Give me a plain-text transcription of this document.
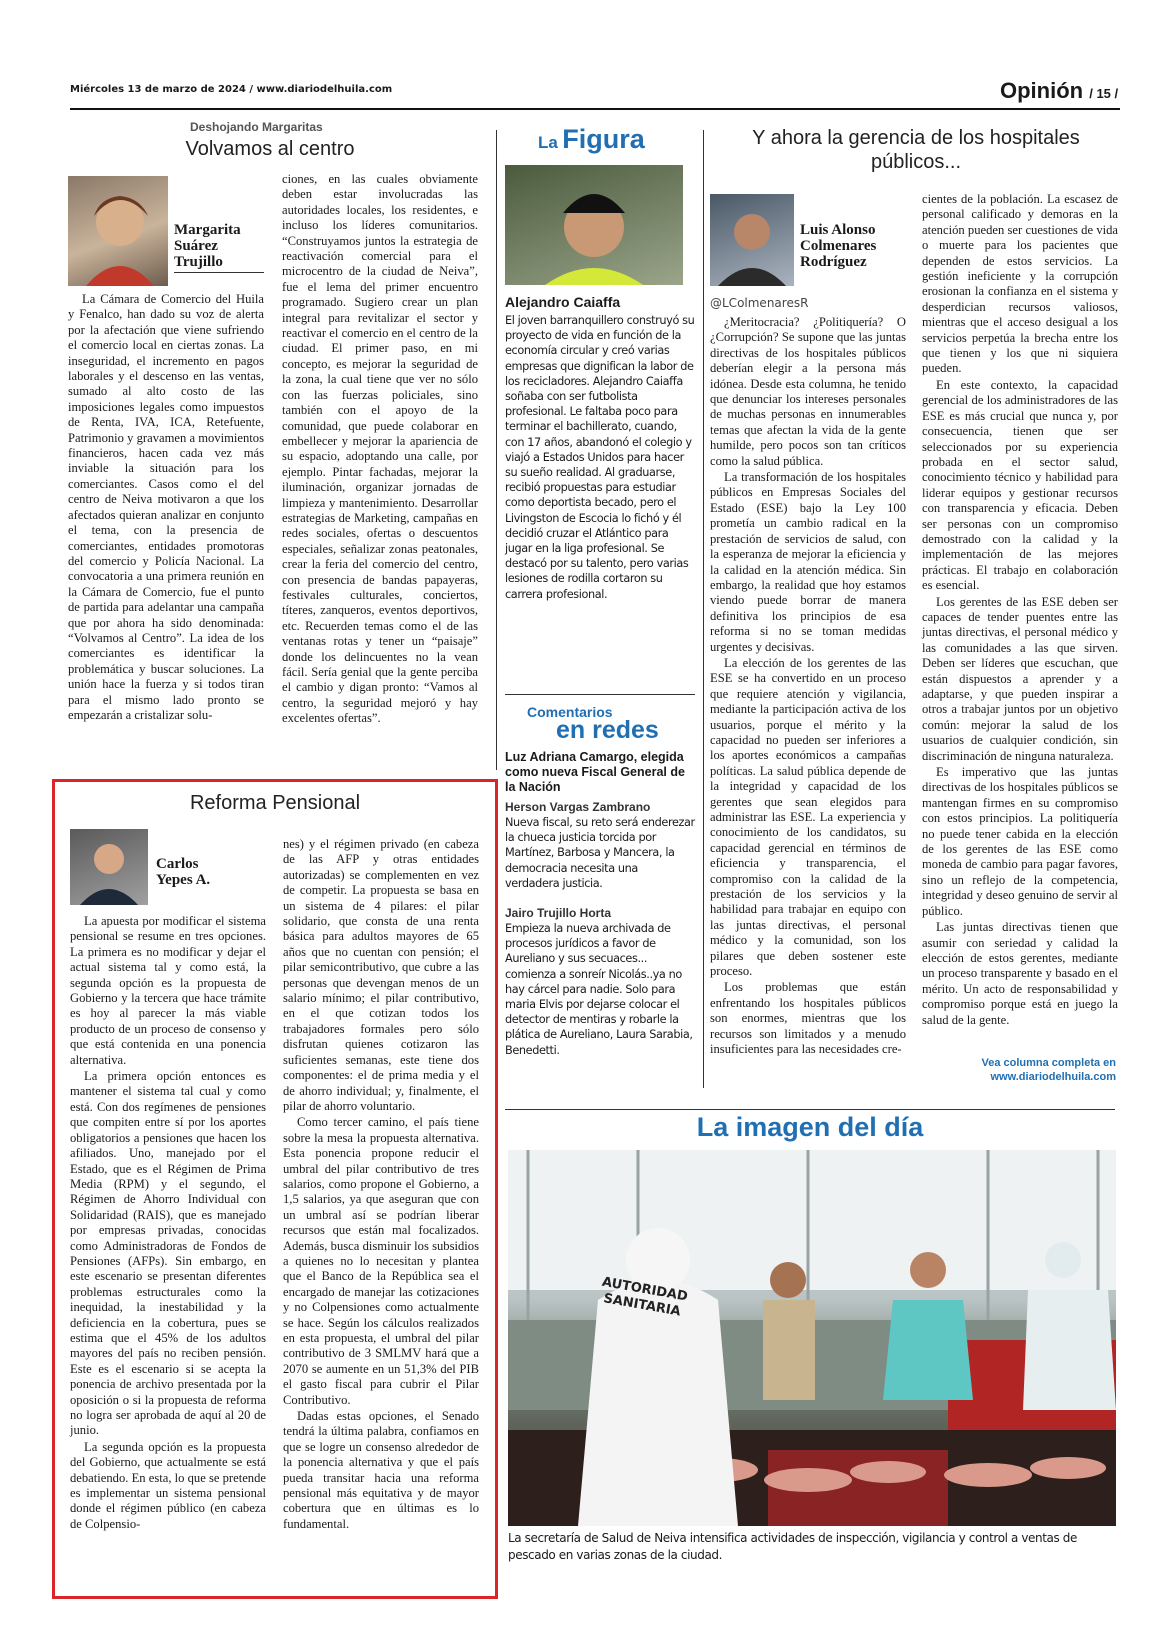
Miércoles 13 de marzo de 2024 / www.diariodelhuila.com	Opinión / 15 /
Deshojando Margaritas
Volvamos al centro
Margarita
Suárez
Trujillo

La Cámara de Comercio del Huila y Fenalco, han dado su voz de alerta por la afectación que viene sufriendo el comercio local en ciertas zonas. La inseguridad, el incremento en pagos laborales y el descenso en las ventas, sumado al alto costo de las imposiciones legales como impuestos de Renta, IVA, ICA, Retefuente, Patrimonio y gravamen a movimientos financieros, hacen cada vez más inviable la situación para los comerciantes. Casos como el del centro de Neiva motivaron a que los afectados quieran analizar en conjunto el tema, con la presencia de comerciantes, entidades promotoras del comercio y Policía Nacional. La convocatoria a una primera reunión en la Cámara de Comercio, fue el punto de partida para adelantar una campaña que por ahora ha sido denominada: “Volvamos al Centro”. La idea de los comerciantes es identificar la problemática y buscar soluciones. La unión hace la fuerza y si todos tiran para el mismo lado pronto se empezarán a cristalizar solu-

ciones, en las cuales obviamente deben estar involucradas las autoridades locales, los residentes, e incluso los líderes comunitarios. “Construyamos juntos la estrategia de reactivación comercial para el microcentro de la ciudad de Neiva”, fue el lema del primer encuentro programado. Sugiero crear un plan integral para revitalizar el sector y reactivar el comercio en el centro de la ciudad. El primer paso, en mi concepto, es mejorar la seguridad de la zona, la cual tiene que ver no sólo con las fuerzas policiales, sino también con el apoyo de la comunidad, que puede colaborar en embellecer y mejorar la apariencia de su espacio, adoptando una calle, por ejemplo. Pintar fachadas, mejorar la iluminación, organizar jornadas de limpieza y mantenimiento. Desarrollar estrategias de Marketing, campañas en redes sociales, ofertas o descuentos especiales, señalizar zonas peatonales, crear la feria del comercio del centro, con presencia de bandas papayeras, festivales culturales, conciertos, títeres, zanqueros, eventos deportivos, etc. Recuerden temas como el de las ventanas rotas y tener un “paisaje” donde los delincuentes no la vean fácil. Sería genial que la gente perciba el cambio y digan pronto: “Vamos al centro, la seguridad mejoró y hay excelentes ofertas”.

Reforma Pensional
Carlos
Yepes A.

La apuesta por modificar el sistema pensional se resume en tres opciones. La primera es no modificar y dejar el actual sistema tal y como está, la segunda opción es la propuesta de Gobierno y la tercera que hace trámite es hoy al parecer la más viable producto de un proceso de consenso y que está contenida en una ponencia alternativa.

La primera opción entonces es mantener el sistema tal cual y como está. Con dos regímenes de pensiones que compiten entre sí por los aportes obligatorios a pensiones que hacen los afiliados. Uno, manejado por el Estado, que es el Régimen de Prima Media (RPM) y el segundo, el Régimen de Ahorro Individual con Solidaridad (RAIS), que es manejado por empresas privadas, conocidas como Administradoras de Fondos de Pensiones (AFPs). Sin embargo, en este escenario se presentan diferentes problemas estructurales como la inequidad, la inestabilidad y la deficiencia en la cobertura, pues se estima que el 45% de los adultos mayores del país no reciben pensión. Este es el escenario si se acepta la ponencia de archivo presentada por la oposición o si la propuesta de reforma no logra ser aprobada de aquí al 20 de junio.

La segunda opción es la propuesta del Gobierno, que actualmente se está debatiendo. En esta, lo que se pretende es implementar un sistema pensional donde el régimen público (en cabeza de Colpensio-

nes) y el régimen privado (en cabeza de las AFP y otras entidades autorizadas) se complementen en vez de competir. La propuesta se basa en un sistema de 4 pilares: el pilar solidario, que consta de una renta básica para adultos mayores de 65 años que no cuentan con pensión; el pilar semicontributivo, que cubre a las personas que devengan menos de un salario mínimo; el pilar contributivo, en el que cotizan todos los trabajadores formales pero sólo disfrutan quienes cotizaron las suficientes semanas, este tiene dos componentes: el de prima media y el de ahorro individual; y, finalmente, el pilar de ahorro voluntario.

Como tercer camino, el país tiene sobre la mesa la propuesta alternativa. Esta ponencia propone reducir el umbral del pilar contributivo de tres salarios, como propone el Gobierno, a 1,5 salarios, ya que aseguran que con un umbral así se podrían liberar recursos que están mal focalizados. Además, busca disminuir los subsidios a quienes no lo necesitan y plantea que el Banco de la República sea el encargado de manejar las cotizaciones y no Colpensiones como actualmente se hace. Según los cálculos realizados en esta propuesta, el umbral del pilar contributivo de 3 SMLMV hará que a 2070 se aumente en un 51,3% del PIB el gasto fiscal para cubrir el Pilar Contributivo.

Dadas estas opciones, el Senado tendrá la última palabra, confiamos en que se logre un consenso alrededor de la ponencia alternativa y que el país pueda transitar hacia una reforma pensional más equitativa y de mayor cobertura que en últimas es lo fundamental.

La Figura
Alejandro Caiaffa

El joven barranquillero construyó su proyecto de vida en función de la economía circular y creó varias empresas que dignifican la labor de los recicladores. Alejandro Caiaffa soñaba con ser futbolista profesional. Le faltaba poco para terminar el bachillerato, cuando, con 17 años, abandonó el colegio y viajó a Estados Unidos para hacer su sueño realidad. Al graduarse, recibió propuestas para estudiar como deportista becado, pero el Livingston de Escocia lo fichó y él decidió cruzar el Atlántico para jugar en la liga profesional. Se destacó por su talento, pero varias lesiones de rodilla cortaron su carrera profesional.

Comentarios
en redes
Luz Adriana Camargo, elegida como nueva Fiscal General de la Nación
Herson Vargas Zambrano

Nueva fiscal, su reto será enderezar la chueca justicia torcida por Martínez, Barbosa y Mancera, la democracia necesita una verdadera justicia.

Jairo Trujillo Horta

Empieza la nueva archivada de procesos jurídicos a favor de Aureliano y sus secuaces... comienza a sonreír Nicolás..ya no hay cárcel para nadie. Solo para maria Elvis por dejarse colocar el detector de mentiras y robarle la plática de Aureliano, Laura Sarabia, Benedetti.

Y ahora la gerencia de los hospitales públicos...
Luis Alonso
Colmenares
Rodríguez
@LColmenaresR

¿Meritocracia? ¿Politiquería? O ¿Corrupción? Se supone que las juntas directivas de los hospitales públicos deberían elegir a la persona más idónea. Desde esta columna, he tenido que denunciar los intereses personales de muchas personas en innumerables temas que afectan la vida de la gente humilde, pero pocos son tan críticos como la salud pública.

La transformación de los hospitales públicos en Empresas Sociales del Estado (ESE) bajo la Ley 100 prometía un cambio radical en la prestación de servicios de salud, con la esperanza de mejorar la eficiencia y la calidad en la atención médica. Sin embargo, la realidad que hoy estamos viendo puede borrar de manera definitiva los principios de esa reforma si no se toman medidas urgentes y decisivas.

La elección de los gerentes de las ESE se ha convertido en un proceso que requiere atención y vigilancia, mediante la participación activa de los usuarios, porque el mérito y la capacidad no pueden ser inferiores a los aportes económicos a campañas políticas. La salud pública depende de la integridad y capacidad de los gerentes que sean elegidos para administrar las ESE. La experiencia y conocimiento de los candidatos, su capacidad gerencial en términos de eficiencia y transparencia, el compromiso con la calidad de la prestación de los servicios y la habilidad para trabajar en equipo con las juntas directivas, el personal médico y la comunidad, son los pilares que deben sostener este proceso.

Los problemas que están enfrentando los hospitales públicos son enormes, mientras que los recursos son limitados y a menudo insuficientes para las necesidades cre-

cientes de la población. La escasez de personal calificado y demoras en la atención pueden ser cuestiones de vida o muerte para los pacientes que dependen de estos servicios. La gestión ineficiente y la corrupción erosionan la confianza en el sistema y desperdician recursos valiosos, mientras que el acceso desigual a los servicios perpetúa la brecha entre los que tienen y los que ni siquiera pueden.

En este contexto, la capacidad gerencial de los administradores de las ESE es más crucial que nunca y, por consecuencia, tienen que ser seleccionados por su experiencia probada en el sector salud, conocimiento técnico y habilidad para liderar equipos y gestionar recursos con transparencia y eficacia. Deben ser personas con un compromiso demostrado con la calidad y la implementación de las mejores prácticas. El trabajo en colaboración es esencial.

Los gerentes de las ESE deben ser capaces de tender puentes entre las juntas directivas, el personal médico y las comunidades a las que sirven. Deben ser líderes que escuchan, que están dispuestos a aprender y a adaptarse, y que pueden inspirar a otros a trabajar juntos por un objetivo común: mejorar la salud de los usuarios de cualquier condición, sin discriminación de ninguna naturaleza.

Es imperativo que las juntas directivas de los hospitales públicos se mantengan firmes en su compromiso con estos principios. La politiquería no puede tener cabida en la elección de los gerentes de las ESE como moneda de cambio para pagar favores, sino un reflejo de la competencia, integridad y deseo genuino de servir al público.

Las juntas directivas tienen que asumir con seriedad y calidad la elección de estos gerentes, mediante un proceso transparente y basado en el mérito. Un acto de responsabilidad y compromiso porque está en juego la salud de la gente.

Vea columna completa en
www.diariodelhuila.com
La imagen del día
AUTORIDAD
SANITARIA

La secretaría de Salud de Neiva intensifica actividades de inspección, vigilancia y control a ventas de pescado en varias zonas de la ciudad.
